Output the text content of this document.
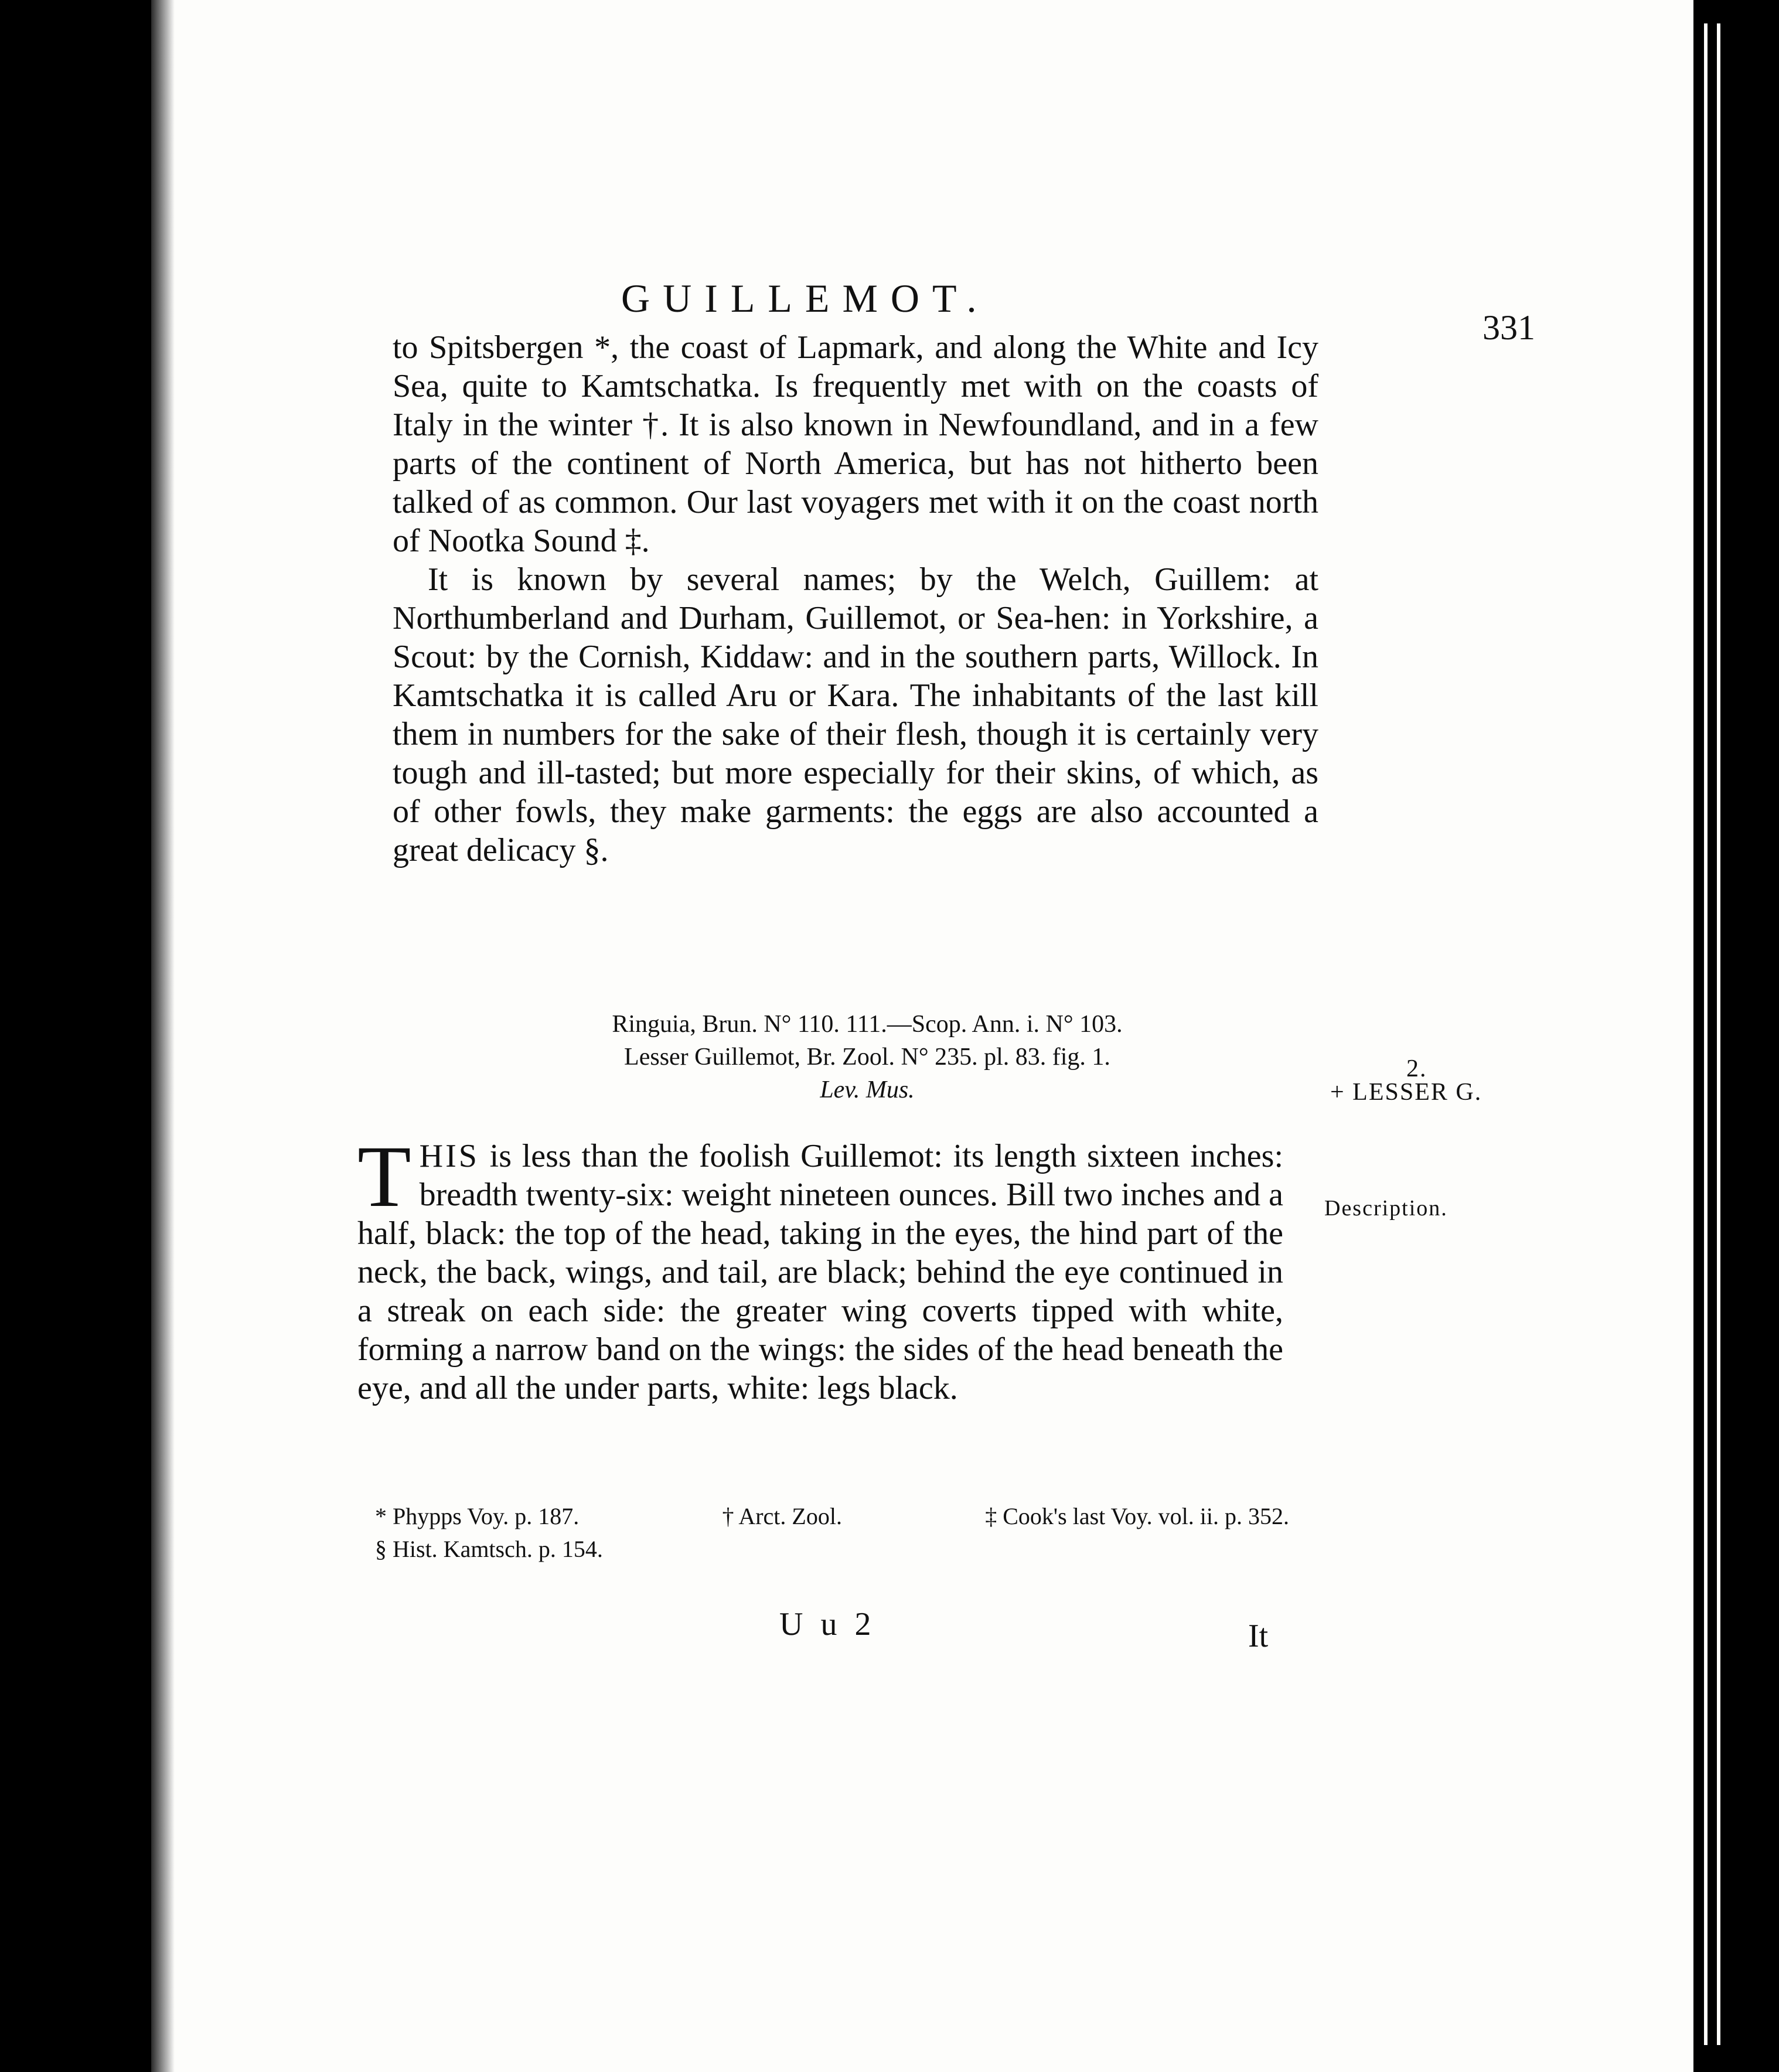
GUILLEMOT.
331

to Spitsbergen *, the coast of Lapmark, and along the White and Icy Sea, quite to Kamtschatka. Is frequently met with on the coasts of Italy in the winter †. It is also known in Newfoundland, and in a few parts of the continent of North America, but has not hitherto been talked of as common. Our last voyagers met with it on the coast north of Nootka Sound ‡.

It is known by several names; by the Welch, Guillem: at Northumberland and Durham, Guillemot, or Sea-hen: in Yorkshire, a Scout: by the Cornish, Kiddaw: and in the southern parts, Willock. In Kamtschatka it is called Aru or Kara. The inhabitants of the last kill them in numbers for the sake of their flesh, though it is certainly very tough and ill-tasted; but more especially for their skins, of which, as of other fowls, they make garments: the eggs are also accounted a great delicacy §.

Ringuia, Brun. N° 110. 111.—Scop. Ann. i. N° 103.
Lesser Guillemot, Br. Zool. N° 235. pl. 83. fig. 1.
Lev. Mus.
2.
+ LESSER G.
Description.

THIS is less than the foolish Guillemot: its length sixteen inches: breadth twenty-six: weight nineteen ounces. Bill two inches and a half, black: the top of the head, taking in the eyes, the hind part of the neck, the back, wings, and tail, are black; behind the eye continued in a streak on each side: the greater wing coverts tipped with white, forming a narrow band on the wings: the sides of the head beneath the eye, and all the under parts, white: legs black.

* Phypps Voy. p. 187.	† Arct. Zool.	‡ Cook's last Voy. vol. ii. p. 352.
§ Hist. Kamtsch. p. 154.
U u 2	It
